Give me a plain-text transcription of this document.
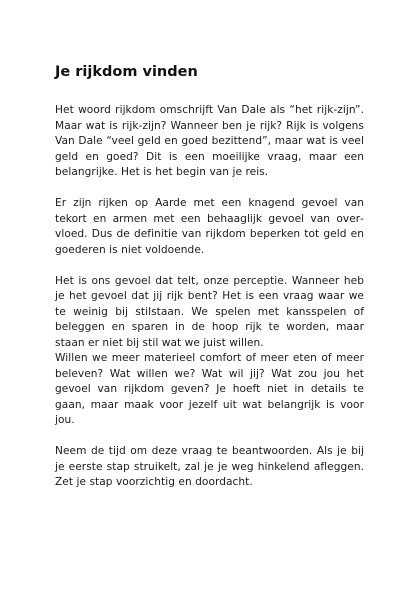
Je rijkdom vinden

Het woord rijkdom omschrijft Van Dale als “het rijk-zijn”. Maar wat is rijk-zijn? Wanneer ben je rijk? Rijk is volgens Van Dale “veel geld en goed bezittend”, maar wat is veel geld en goed? Dit is een moeilijke vraag, maar een belangrijke. Het is het begin van je reis.

Er zijn rijken op Aarde met een knagend gevoel van tekort en armen met een behaaglijk gevoel van overvloed. Dus de definitie van rijkdom beperken tot geld en goederen is niet voldoende.

Het is ons gevoel dat telt, onze perceptie. Wanneer heb je het gevoel dat jij rijk bent? Het is een vraag waar we te weinig bij stilstaan. We spelen met kansspelen of beleggen en sparen in de hoop rijk te worden, maar staan er niet bij stil wat we juist willen.

Willen we meer materieel comfort of meer eten of meer beleven? Wat willen we? Wat wil jij? Wat zou jou het gevoel van rijkdom geven? Je hoeft niet in details te gaan, maar maak voor jezelf uit wat belangrijk is voor jou.

Neem de tijd om deze vraag te beantwoorden. Als je bij je eerste stap struikelt, zal je je weg hinkelend afleggen. Zet je stap voorzichtig en doordacht.
